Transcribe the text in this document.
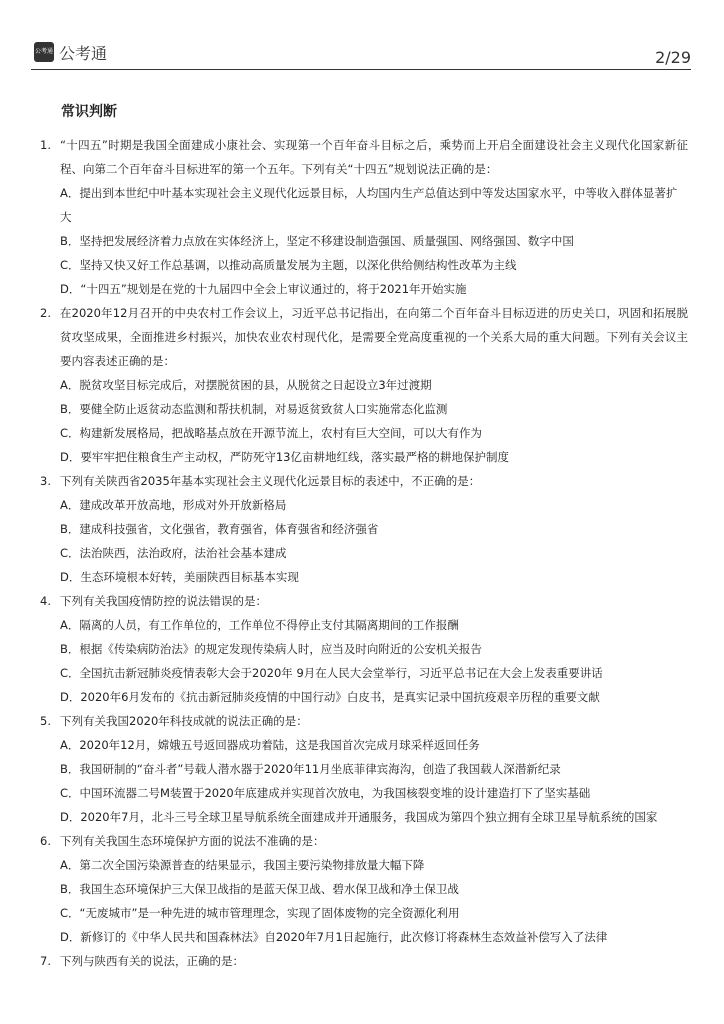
公考通 公考通	2/29
常识判断
1. “十四五”时期是我国全面建成小康社会、实现第一个百年奋斗目标之后，乘势而上开启全面建设社会主义现代化国家新征程、向第二个百年奋斗目标进军的第一个五年。下列有关“十四五”规划说法正确的是：
A．提出到本世纪中叶基本实现社会主义现代化远景目标，人均国内生产总值达到中等发达国家水平，中等收入群体显著扩大
B．坚持把发展经济着力点放在实体经济上，坚定不移建设制造强国、质量强国、网络强国、数字中国
C．坚持又快又好工作总基调，以推动高质量发展为主题，以深化供给侧结构性改革为主线
D．“十四五”规划是在党的十九届四中全会上审议通过的，将于2021年开始实施
2. 在2020年12月召开的中央农村工作会议上，习近平总书记指出，在向第二个百年奋斗目标迈进的历史关口，巩固和拓展脱贫攻坚成果，全面推进乡村振兴，加快农业农村现代化，是需要全党高度重视的一个关系大局的重大问题。下列有关会议主要内容表述正确的是：
A．脱贫攻坚目标完成后，对摆脱贫困的县，从脱贫之日起设立3年过渡期
B．要健全防止返贫动态监测和帮扶机制，对易返贫致贫人口实施常态化监测
C．构建新发展格局，把战略基点放在开源节流上，农村有巨大空间，可以大有作为
D．要牢牢把住粮食生产主动权，严防死守13亿亩耕地红线，落实最严格的耕地保护制度
3. 下列有关陕西省2035年基本实现社会主义现代化远景目标的表述中，不正确的是：
A．建成改革开放高地，形成对外开放新格局
B．建成科技强省，文化强省，教育强省，体育强省和经济强省
C．法治陕西，法治政府，法治社会基本建成
D．生态环境根本好转，美丽陕西目标基本实现
4. 下列有关我国疫情防控的说法错误的是：
A．隔离的人员，有工作单位的，工作单位不得停止支付其隔离期间的工作报酬
B．根据《传染病防治法》的规定发现传染病人时，应当及时向附近的公安机关报告
C．全国抗击新冠肺炎疫情表彰大会于2020年 9月在人民大会堂举行，习近平总书记在大会上发表重要讲话
D．2020年6月发布的《抗击新冠肺炎疫情的中国行动》白皮书，是真实记录中国抗疫艰辛历程的重要文献
5. 下列有关我国2020年科技成就的说法正确的是：
A．2020年12月，嫦娥五号返回器成功着陆，这是我国首次完成月球采样返回任务
B．我国研制的“奋斗者”号载人潜水器于2020年11月坐底菲律宾海沟，创造了我国载人深潜新纪录
C．中国环流器二号M装置于2020年底建成并实现首次放电，为我国核裂变堆的设计建造打下了坚实基础
D．2020年7月，北斗三号全球卫星导航系统全面建成并开通服务，我国成为第四个独立拥有全球卫星导航系统的国家
6. 下列有关我国生态环境保护方面的说法不准确的是：
A．第二次全国污染源普查的结果显示，我国主要污染物排放量大幅下降
B．我国生态环境保护三大保卫战指的是蓝天保卫战、碧水保卫战和净土保卫战
C．“无废城市”是一种先进的城市管理理念，实现了固体废物的完全资源化利用
D．新修订的《中华人民共和国森林法》自2020年7月1日起施行，此次修订将森林生态效益补偿写入了法律
7. 下列与陕西有关的说法，正确的是：
